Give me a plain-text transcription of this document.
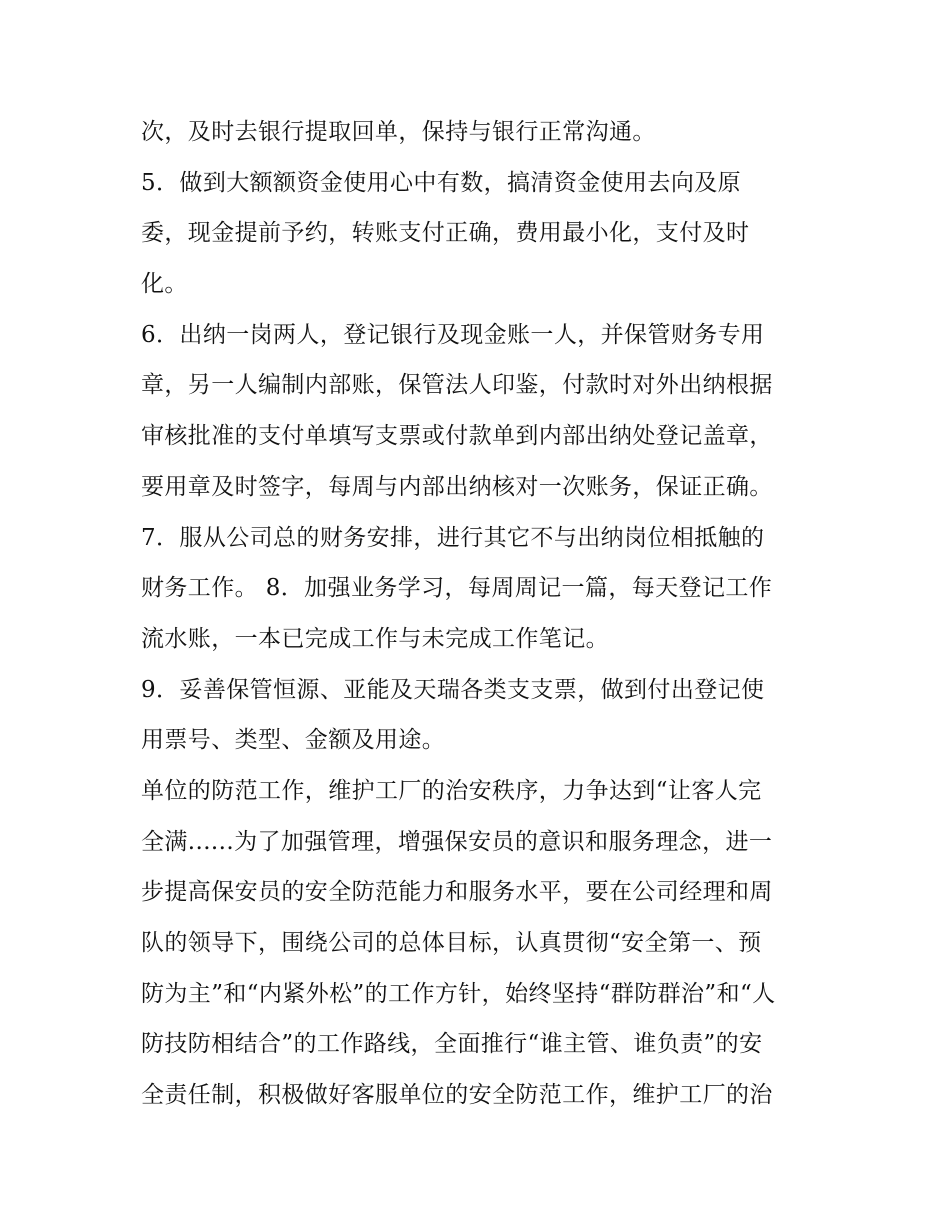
次，及时去银行提取回单，保持与银行正常沟通。
5．做到大额额资金使用心中有数，搞清资金使用去向及原
委，现金提前予约，转账支付正确，费用最小化，支付及时
化。
6．出纳一岗两人，登记银行及现金账一人，并保管财务专用
章，另一人编制内部账，保管法人印鉴，付款时对外出纳根据
审核批准的支付单填写支票或付款单到内部出纳处登记盖章，
要用章及时签字，每周与内部出纳核对一次账务，保证正确。
7．服从公司总的财务安排，进行其它不与出纳岗位相抵触的
财务工作。 8．加强业务学习，每周周记一篇，每天登记工作
流水账，一本已完成工作与未完成工作笔记。
9．妥善保管恒源、亚能及天瑞各类支支票，做到付出登记使
用票号、类型、金额及用途。
单位的防范工作，维护工厂的治安秩序，力争达到“让客人完
全满......为了加强管理，增强保安员的意识和服务理念，进一
步提高保安员的安全防范能力和服务水平，要在公司经理和周
队的领导下，围绕公司的总体目标，认真贯彻“安全第一、预
防为主”和“内紧外松”的工作方针，始终坚持“群防群治”和“人
防技防相结合”的工作路线，全面推行“谁主管、谁负责”的安
全责任制，积极做好客服单位的安全防范工作，维护工厂的治
